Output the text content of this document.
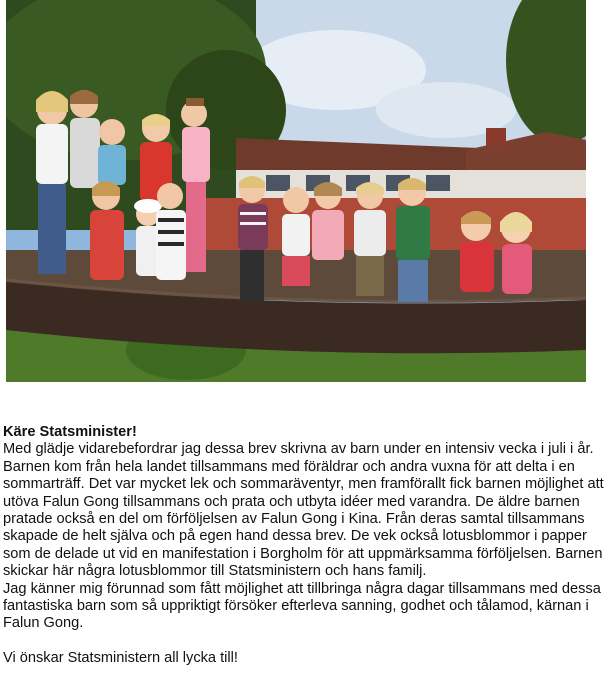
Käre Statsminister!

Med glädje vidarebefordrar jag dessa brev skrivna av barn under en intensiv vecka i juli i år. Barnen kom från hela landet tillsammans med föräldrar och andra vuxna för att delta i en sommarträff. Det var mycket lek och sommaräventyr, men framförallt fick barnen möjlighet att utöva Falun Gong tillsammans och prata och utbyta idéer med varandra. De äldre barnen pratade också en del om förföljelsen av Falun Gong i Kina. Från deras samtal tillsammans skapade de helt själva och på egen hand dessa brev. De vek också lotusblommor i papper som de delade ut vid en manifestation i Borgholm för att uppmärksamma förföljelsen. Barnen skickar här några lotusblommor till Statsministern och hans familj.

Jag känner mig förunnad som fått möjlighet att tillbringa några dagar tillsammans med dessa fantastiska barn som så uppriktigt försöker efterleva sanning, godhet och tålamod, kärnan i Falun Gong.

Vi önskar Statsministern all lycka till!
